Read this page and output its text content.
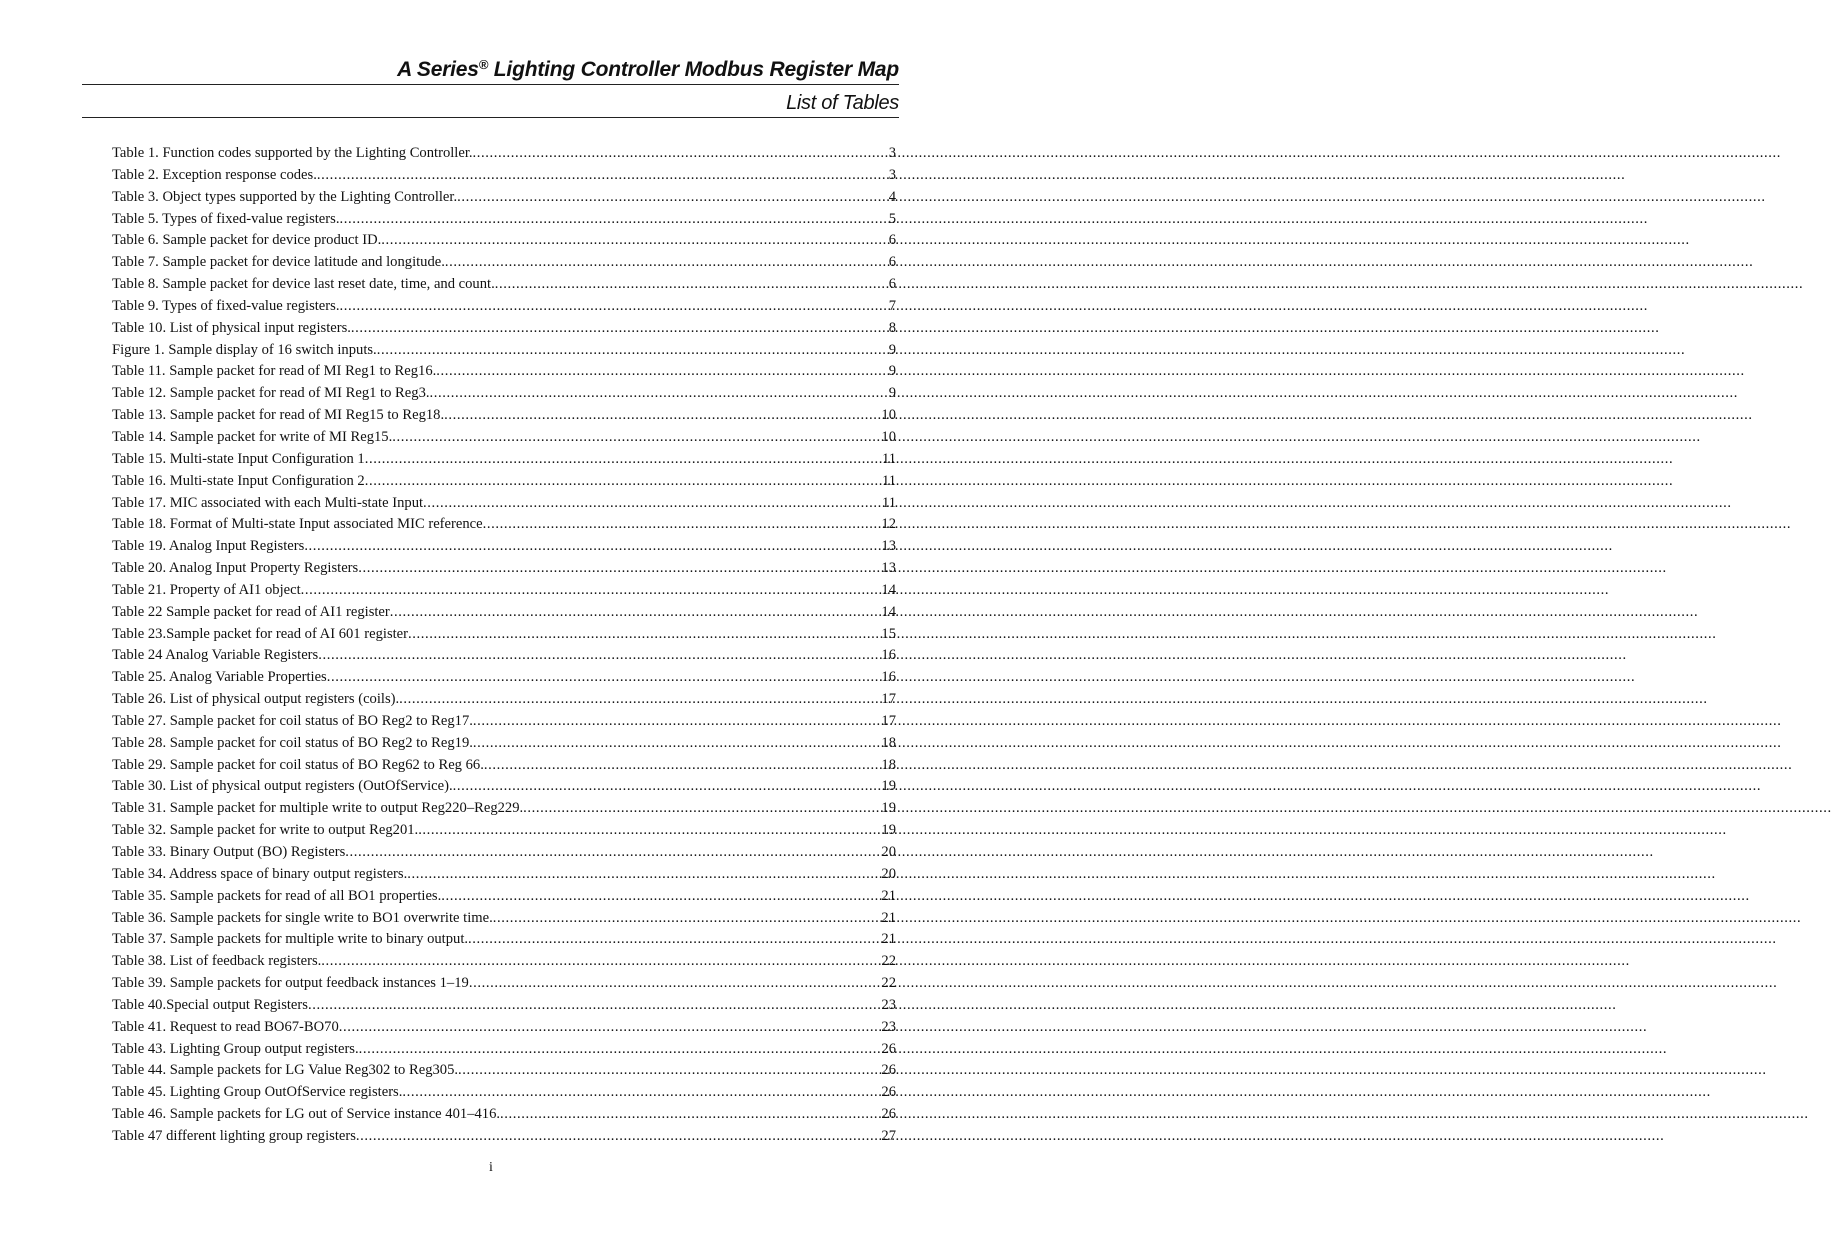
A Series® Lighting Controller Modbus Register Map
List of Tables
Table 1. Function codes supported by the Lighting Controller. .....	3
Table 2. Exception response codes. .....	3
Table 3. Object types supported by the Lighting Controller. .....	4
Table 5. Types of fixed-value registers. .....	5
Table 6. Sample packet for device product ID. .....	6
Table 7. Sample packet for device latitude and longitude. .....	6
Table 8. Sample packet for device last reset date, time, and count. .....	6
Table 9. Types of fixed-value registers. .....	7
Table 10. List of physical input registers. .....	8
Figure 1. Sample display of 16 switch inputs. .....	9
Table 11. Sample packet for read of MI Reg1 to Reg16. .....	9
Table 12. Sample packet for read of MI Reg1 to Reg3. .....	9
Table 13. Sample packet for read of MI Reg15 to Reg18. .....	10
Table 14. Sample packet for write of MI Reg15. .....	10
Table 15. Multi-state Input Configuration 1 .....	11
Table 16. Multi-state Input Configuration 2 .....	11
Table 17. MIC associated with each Multi-state Input .....	11
Table 18. Format of Multi-state Input associated MIC reference .....	12
Table 19. Analog Input Registers .....	13
Table 20. Analog Input Property Registers .....	13
Table 21. Property of AI1 object .....	14
Table 22 Sample packet for read of AI1 register .....	14
Table 23.Sample packet for read of AI 601 register .....	15
Table 24 Analog Variable Registers .....	16
Table 25. Analog Variable Properties .....	16
Table 26. List of physical output registers (coils). .....	17
Table 27. Sample packet for coil status of BO Reg2 to Reg17. .....	17
Table 28. Sample packet for coil status of BO Reg2 to Reg19. .....	18
Table 29. Sample packet for coil status of BO Reg62 to Reg 66. .....	18
Table 30. List of physical output registers (OutOfService). .....	19
Table 31. Sample packet for multiple write to output Reg220–Reg229. .....	19
Table 32. Sample packet for write to output Reg201. .....	19
Table 33. Binary Output (BO) Registers .....	20
Table 34. Address space of binary output registers. .....	20
Table 35. Sample packets for read of all BO1 properties. .....	21
Table 36. Sample packets for single write to BO1 overwrite time. .....	21
Table 37. Sample packets for multiple write to binary output. .....	21
Table 38. List of feedback registers. .....	22
Table 39. Sample packets for output feedback instances 1–19 .....	22
Table 40.Special output Registers .....	23
Table 41. Request to read BO67-BO70 .....	23
Table 43. Lighting Group output registers. .....	26
Table 44. Sample packets for LG Value Reg302 to Reg305. .....	26
Table 45. Lighting Group OutOfService registers. .....	26
Table 46. Sample packets for LG out of Service instance 401–416. .....	26
Table 47 different lighting group registers .....	27
i
